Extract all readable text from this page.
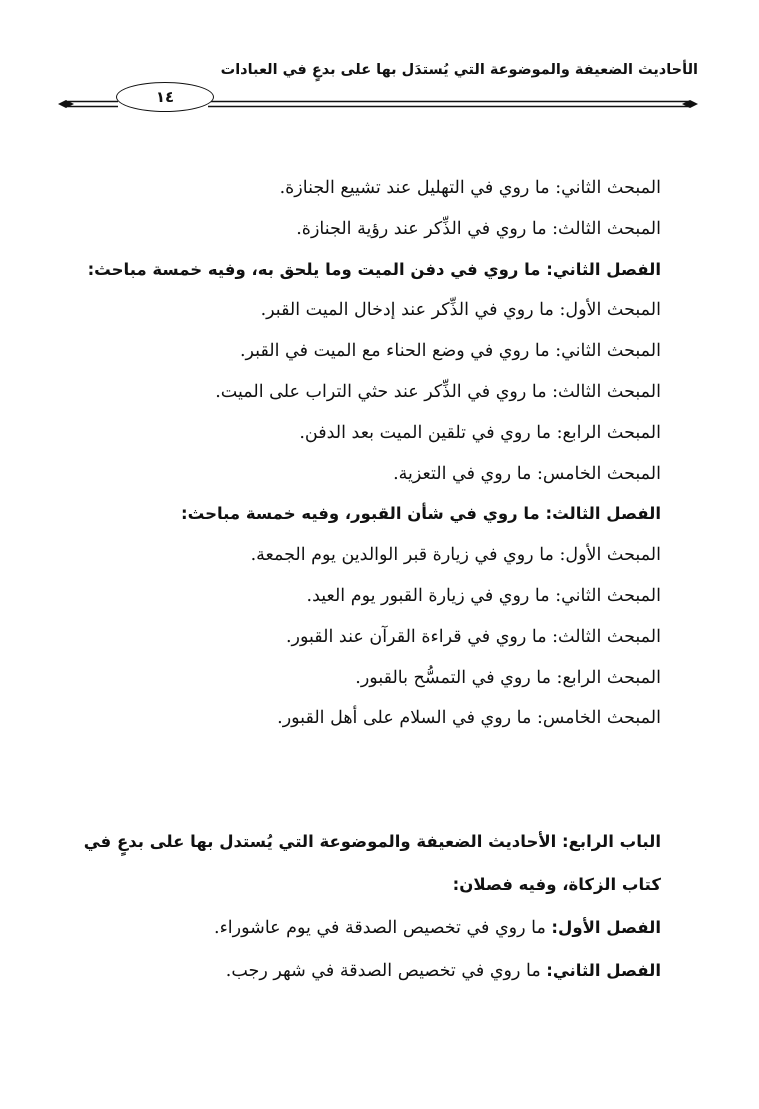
الأحاديث الضعيفة والموضوعة التي يُستدَل بها على بدعٍ في العبادات
١٤
المبحث الثاني: ما روي في التهليل عند تشييع الجنازة.
المبحث الثالث: ما روي في الذِّكر عند رؤية الجنازة.
الفصل الثاني: ما روي في دفن الميت وما يلحق به، وفيه خمسة مباحث:
المبحث الأول: ما روي في الذِّكر عند إدخال الميت القبر.
المبحث الثاني: ما روي في وضع الحناء مع الميت في القبر.
المبحث الثالث: ما روي في الذِّكر عند حثي التراب على الميت.
المبحث الرابع: ما روي في تلقين الميت بعد الدفن.
المبحث الخامس: ما روي في التعزية.
الفصل الثالث: ما روي في شأن القبور، وفيه خمسة مباحث:
المبحث الأول: ما روي في زيارة قبر الوالدين يوم الجمعة.
المبحث الثاني: ما روي في زيارة القبور يوم العيد.
المبحث الثالث: ما روي في قراءة القرآن عند القبور.
المبحث الرابع: ما روي في التمسُّح بالقبور.
المبحث الخامس: ما روي في السلام على أهل القبور.
الباب الرابع: الأحاديث الضعيفة والموضوعة التي يُستدل بها على بدعٍ في
كتاب الزكاة، وفيه فصلان:
الفصل الأول: ما روي في تخصيص الصدقة في يوم عاشوراء.
الفصل الثاني: ما روي في تخصيص الصدقة في شهر رجب.
